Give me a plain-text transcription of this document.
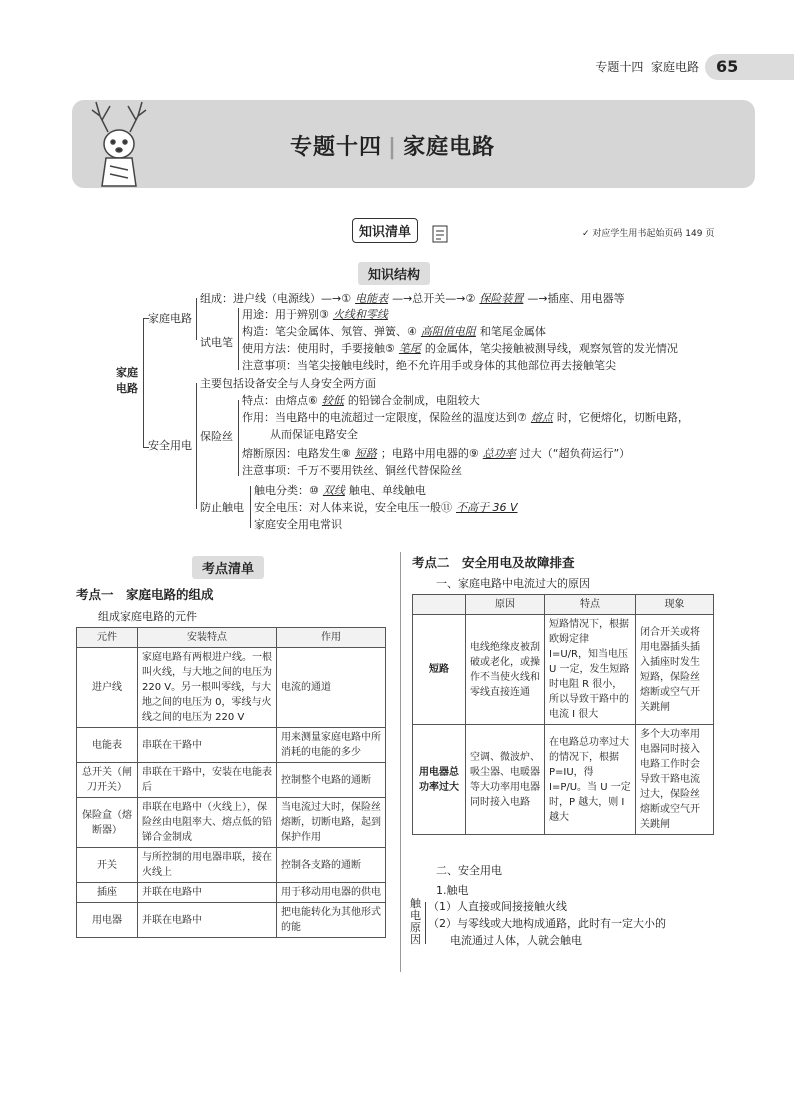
专题十四 家庭电路 65
专题十四 | 家庭电路
知识清单	✓ 对应学生用书起始页码 149 页
知识结构
家庭电路
家庭电路
组成：进户线（电源线）—→① 电能表 —→总开关—→② 保险装置 —→插座、用电器等
试电笔
用途：用于辨别③ 火线和零线
构造：笔尖金属体、氖管、弹簧、④ 高阻值电阻 和笔尾金属体
使用方法：使用时，手要接触⑤ 笔尾 的金属体，笔尖接触被测导线，观察氖管的发光情况
注意事项：当笔尖接触电线时，绝不允许用手或身体的其他部位再去接触笔尖
安全用电
主要包括设备安全与人身安全两方面
保险丝
特点：由熔点⑥ 较低 的铅锑合金制成，电阻较大
作用：当电路中的电流超过一定限度，保险丝的温度达到⑦ 熔点 时，它便熔化，切断电路，
从而保证电路安全
熔断原因：电路发生⑧ 短路 ；电路中用电器的⑨ 总功率 过大（“超负荷运行”）
注意事项：千万不要用铁丝、铜丝代替保险丝
防止触电
触电分类：⑩ 双线 触电、单线触电
安全电压：对人体来说，安全电压一般⑪ 不高于 36 V
家庭安全用电常识
考点清单
考点一　家庭电路的组成
组成家庭电路的元件
元件	安装特点	作用
进户线	家庭电路有两根进户线。一根叫火线，与大地之间的电压为 220 V。另一根叫零线，与大地之间的电压为 0，零线与火线之间的电压为 220 V	电流的通道
电能表	串联在干路中	用来测量家庭电路中所消耗的电能的多少
总开关（闸刀开关）	串联在干路中，安装在电能表后	控制整个电路的通断
保险盒（熔断器）	串联在电路中（火线上），保险丝由电阻率大、熔点低的铅锑合金制成	当电流过大时，保险丝熔断，切断电路，起到保护作用
开关	与所控制的用电器串联，接在火线上	控制各支路的通断
插座	并联在电路中	用于移动用电器的供电
用电器	并联在电路中	把电能转化为其他形式的能
考点二　安全用电及故障排查
一、家庭电路中电流过大的原因
	原因	特点	现象
短路	电线绝缘皮被刮破或老化，或操作不当使火线和零线直接连通	短路情况下，根据欧姆定律 I=U/R，知当电压 U 一定，发生短路时电阻 R 很小，所以导致干路中的电流 I 很大	闭合开关或将用电器插头插入插座时发生短路，保险丝熔断或空气开关跳闸
用电器总功率过大	空调、微波炉、吸尘器、电暖器等大功率用电器同时接入电路	在电路总功率过大的情况下，根据 P=IU，得 I=P/U。当 U 一定时，P 越大，则 I 越大	多个大功率用电器同时接入电路工作时会导致干路电流过大，保险丝熔断或空气开关跳闸
二、安全用电
1.触电
触电原因
（1）人直接或间接接触火线
（2）与零线或大地构成通路，此时有一定大小的
电流通过人体，人就会触电
